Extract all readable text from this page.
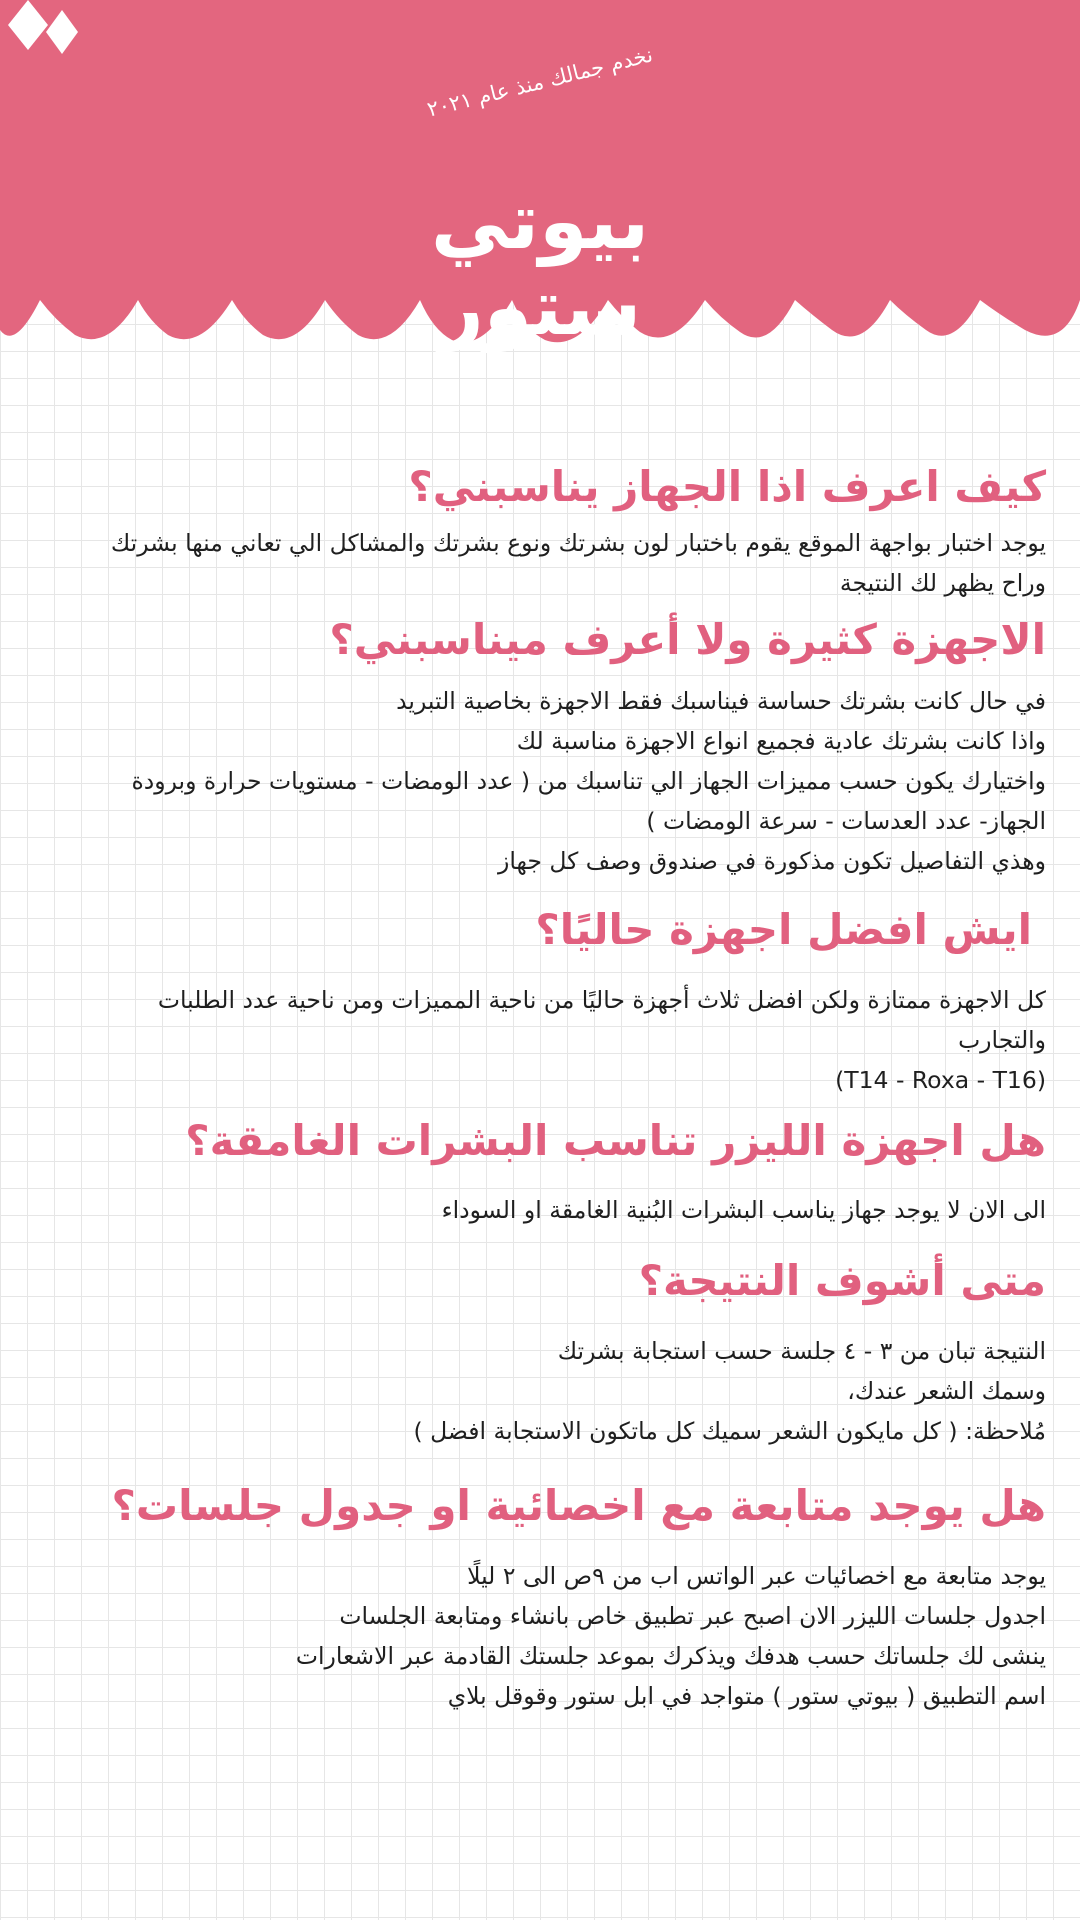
نخدم جمالك منذ عام ٢٠٢١
بيوتي ستور
كيف اعرف اذا الجهاز يناسبني؟

يوجد اختبار بواجهة الموقع يقوم باختبار لون بشرتك ونوع بشرتك والمشاكل الي تعاني منها بشرتك

وراح يظهر لك النتيجة

الاجهزة كثيرة ولا أعرف ميناسبني؟

في حال كانت بشرتك حساسة فيناسبك فقط الاجهزة بخاصية التبريد

واذا كانت بشرتك عادية فجميع انواع الاجهزة مناسبة لك

واختيارك يكون حسب مميزات الجهاز الي تناسبك من ( عدد الومضات - مستويات حرارة وبرودة

الجهاز- عدد العدسات - سرعة الومضات )

وهذي التفاصيل تكون مذكورة في صندوق وصف كل جهاز

ايش افضل اجهزة حاليًا؟

كل الاجهزة ممتازة ولكن افضل ثلاث أجهزة حاليًا من ناحية المميزات ومن ناحية عدد الطلبات

والتجارب

(T14 - Roxa - T16)

هل اجهزة الليزر تناسب البشرات الغامقة؟

الى الان لا يوجد جهاز يناسب البشرات البُنية الغامقة او السوداء

متى أشوف النتيجة؟

النتيجة تبان من ٣ - ٤ جلسة حسب استجابة بشرتك

وسمك الشعر عندك،

مُلاحظة: ( كل مايكون الشعر سميك كل ماتكون الاستجابة افضل )

هل يوجد متابعة مع اخصائية او جدول جلسات؟

يوجد متابعة مع اخصائيات عبر الواتس اب من ٩ص الى ٢ ليلًا

اجدول جلسات الليزر الان اصبح عبر تطبيق خاص بانشاء ومتابعة الجلسات

ينشى لك جلساتك حسب هدفك ويذكرك بموعد جلستك القادمة عبر الاشعارات

اسم التطبيق ( بيوتي ستور ) متواجد في ابل ستور وقوقل بلاي
